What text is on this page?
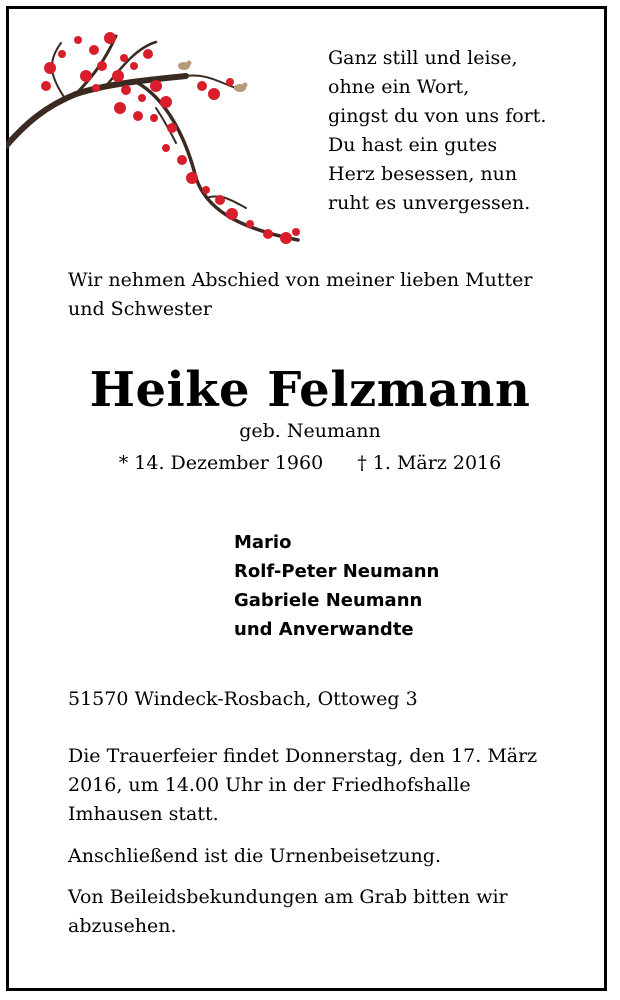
Ganz still und leise,
ohne ein Wort,
gingst du von uns fort.
Du hast ein gutes
Herz besessen, nun
ruht es unvergessen.
Wir nehmen Abschied von meiner lieben Mutter und Schwester
Heike Felzmann
geb. Neumann
* 14. Dezember 1960 † 1. März 2016
Mario
Rolf-Peter Neumann
Gabriele Neumann
und Anverwandte
51570 Windeck-Rosbach, Ottoweg 3
Die Trauerfeier findet Donnerstag, den 17. März 2016, um 14.00 Uhr in der Friedhofshalle Imhausen statt.
Anschließend ist die Urnenbeisetzung.
Von Beileidsbekundungen am Grab bitten wir abzusehen.
